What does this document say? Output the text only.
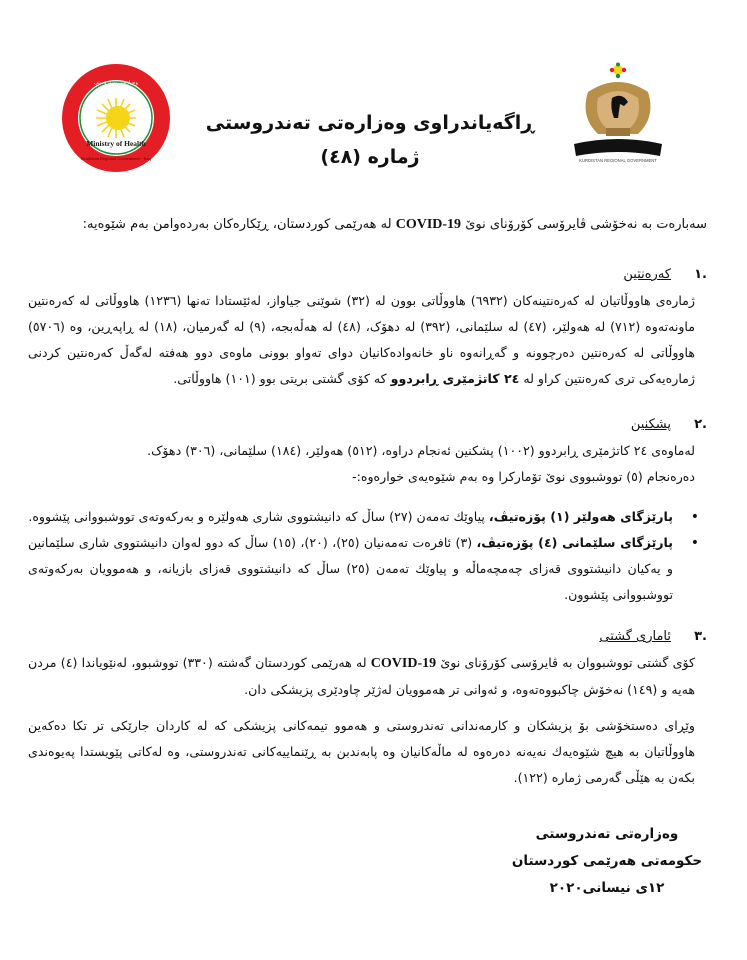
Ministry of Health
Kurdistan Regional Government - Iraq
وەزارەتی تەندروستی
KURDISTAN REGIONAL GOVERNMENT
ڕاگەیاندراوی وەزارەتی تەندروستی
ژمارە (٤٨)
سەبارەت بە نەخۆشی ڤایرۆسی کۆرۆنای نوێ COVID-19 لە هەرێمی کوردستان، ڕێکارەکان بەردەوامن بەم شێوەیە:
.١کەرەنتین
ژمارەی هاووڵاتیان لە کەرەنتینەکان (٦٩٣٢) هاووڵاتی بوون لە (٣٢) شوێنی جیاواز، لەئێستادا تەنها (١٢٣٦) هاووڵاتی لە کەرەنتین ماونەتەوە (٧١٢) لە هەولێر، (٤٧) لە سلێمانی، (٣٩٢) لە دهۆک، (٤٨) لە هەڵەبجە، (٩) لە گەرمیان، (١٨) لە ڕاپەڕین، وە (٥٧٠٦) هاووڵاتی لە کەرەنتین دەرچوونە و گەڕانەوە ناو خانەوادەکانیان دوای تەواو بوونی ماوەی دوو هەفتە لەگەڵ کەرەنتین کردنی ژمارەیەکی تری کەرەنتین کراو لە ٢٤ کاتژمێری ڕابردوو کە کۆی گشتی بریتی بوو (١٠١) هاووڵاتی.
.٢پشکنین
لەماوەی ٢٤ کاتژمێری ڕابردوو (١٠٠٢) پشکنین ئەنجام دراوە، (٥١٢) هەولێر، (١٨٤) سلێمانی، (٣٠٦) دهۆک.
دەرەنجام (٥) تووشبووی نوێ تۆمارکرا وە بەم شێوەیەی خوارەوە:-
• پارێزگای هەولێر (١) پۆزەتیڤ، پیاوێك تەمەن (٢٧) ساڵ کە دانیشتووی شاری هەولێرە و بەرکەوتەی تووشبووانی پێشووە.
• پارێزگای سلێمانی (٤) پۆزەتیڤ، (٣) ئافرەت تەمەنیان (٢٥)، (٢٠)، (١٥) ساڵ کە دوو لەوان دانیشتووی شاری سلێمانین و یەکیان دانیشتووی قەزای چەمچەماڵە و پیاوێك تەمەن (٢٥) ساڵ کە دانیشتووی قەزای بازیانە، و هەموویان بەرکەوتەی تووشبووانی پێشوون.
.٣ئاماری گشتی
کۆی گشتی تووشبووان بە ڤایرۆسی کۆرۆنای نوێ COVID-19 لە هەرێمی کوردستان گەشتە (٣٣٠) تووشبوو، لەنێویاندا (٤) مردن هەیە و (١٤٩) نەخۆش چاکبووەتەوە، و ئەوانی تر هەموویان لەژێر چاودێری پزیشکی دان.
وێڕای دەستخۆشی بۆ پزیشکان و کارمەندانی تەندروستی و هەموو تیمەکانی پزیشکی کە لە کاردان جارێکی تر تکا دەکەین هاووڵاتیان بە هیچ شێوەیەك نەیەنە دەرەوە لە ماڵەکانیان وە پابەندبن بە ڕێنماییەکانی تەندروستی، وە لەکاتی پێویستدا پەیوەندی بکەن بە هێڵی گەرمی ژمارە (١٢٢).
وەزارەتی تەندروستی
حکومەتی هەرێمی کوردستان
١٢ی نیسانی٢٠٢٠
